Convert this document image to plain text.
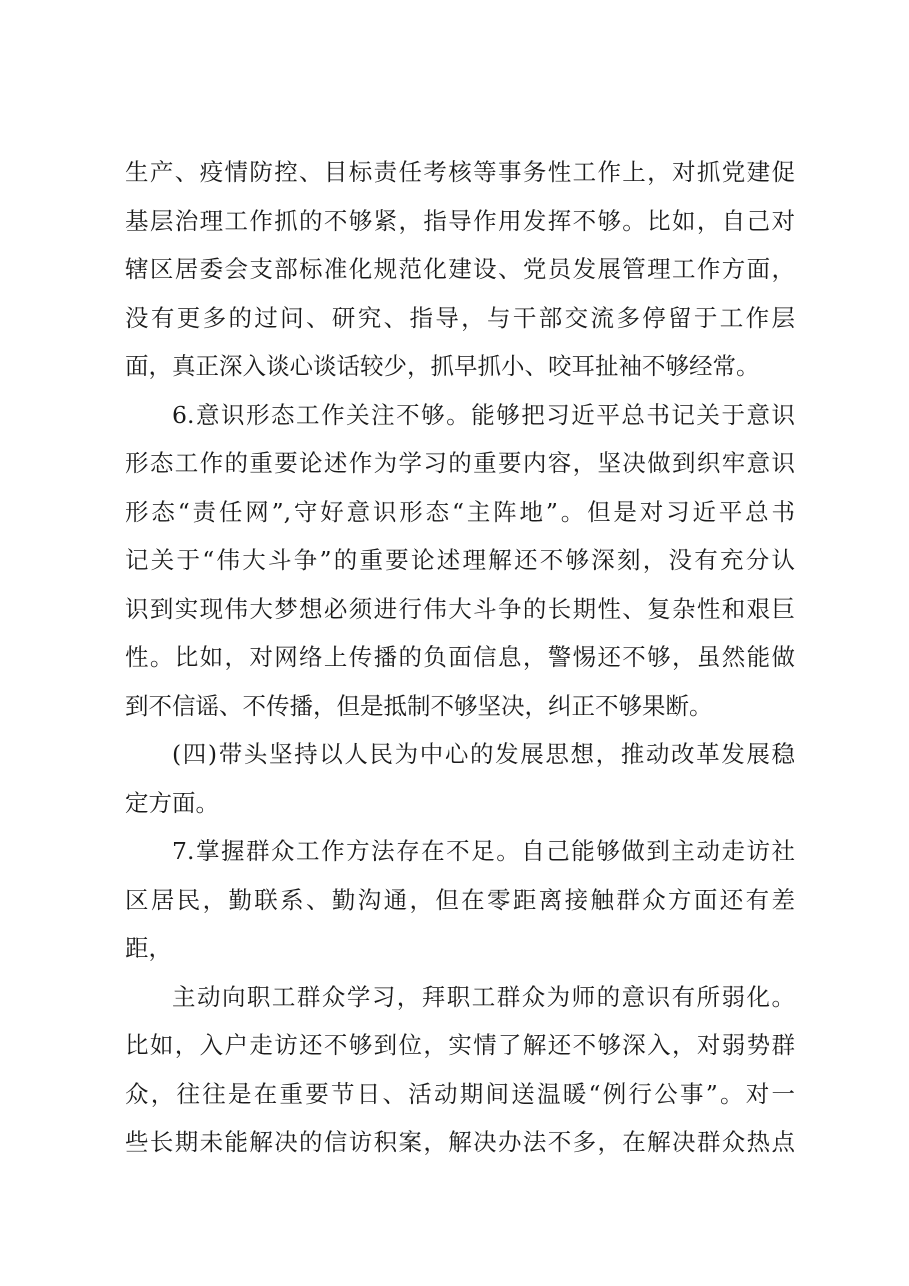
生产、疫情防控、目标责任考核等事务性工作上，对抓党建促
基层治理工作抓的不够紧，指导作用发挥不够。比如，自己对
辖区居委会支部标准化规范化建设、党员发展管理工作方面，
没有更多的过问、研究、指导，与干部交流多停留于工作层
面，真正深入谈心谈话较少，抓早抓小、咬耳扯袖不够经常。
6.意识形态工作关注不够。能够把习近平总书记关于意识
形态工作的重要论述作为学习的重要内容，坚决做到织牢意识
形态“责任网”,守好意识形态“主阵地”。但是对习近平总书
记关于“伟大斗争”的重要论述理解还不够深刻，没有充分认
识到实现伟大梦想必须进行伟大斗争的长期性、复杂性和艰巨
性。比如，对网络上传播的负面信息，警惕还不够，虽然能做
到不信谣、不传播，但是抵制不够坚决，纠正不够果断。
(四)带头坚持以人民为中心的发展思想，推动改革发展稳
定方面。
7.掌握群众工作方法存在不足。自己能够做到主动走访社
区居民，勤联系、勤沟通，但在零距离接触群众方面还有差
距，
主动向职工群众学习，拜职工群众为师的意识有所弱化。
比如，入户走访还不够到位，实情了解还不够深入，对弱势群
众，往往是在重要节日、活动期间送温暖“例行公事”。对一
些长期未能解决的信访积案，解决办法不多，在解决群众热点
